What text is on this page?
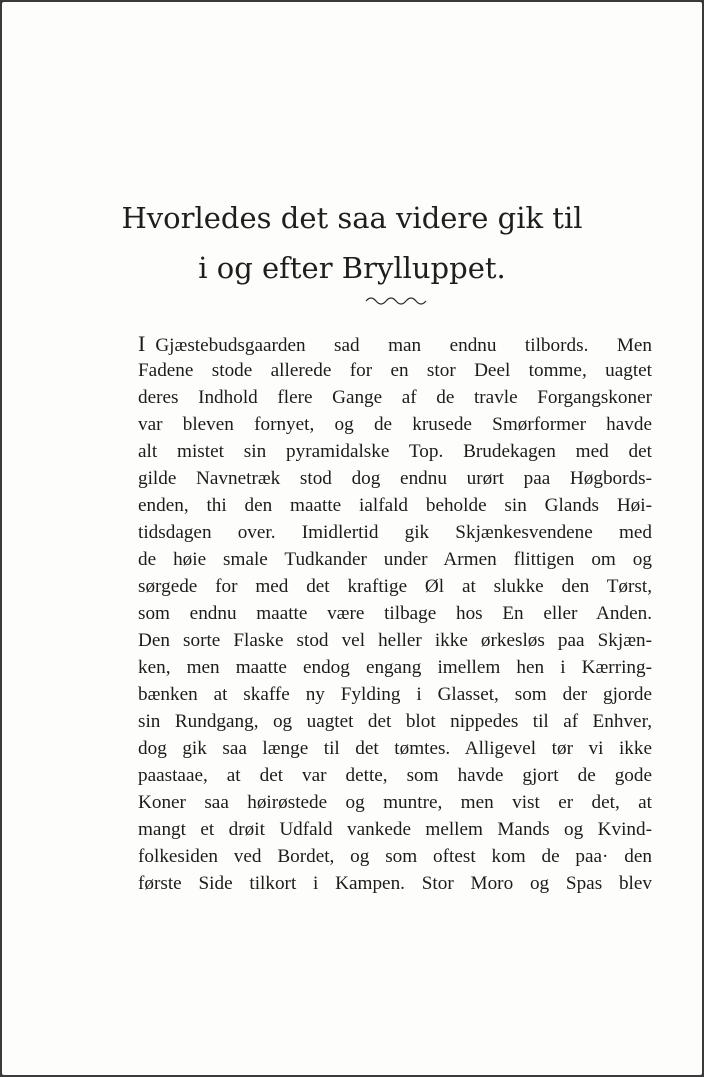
Hvorledes det saa videre gik til
i og efter Brylluppet.
I Gjæstebudsgaarden sad man endnu tilbords. Men
Fadene stode allerede for en stor Deel tomme, uagtet
deres Indhold flere Gange af de travle Forgangskoner
var bleven fornyet, og de krusede Smørformer havde
alt mistet sin pyramidalske Top. Brudekagen med det
gilde Navnetræk stod dog endnu urørt paa Høgbords-
enden, thi den maatte ialfald beholde sin Glands Høi-
tidsdagen over. Imidlertid gik Skjænkesvendene med
de høie smale Tudkander under Armen flittigen om og
sørgede for med det kraftige Øl at slukke den Tørst,
som endnu maatte være tilbage hos En eller Anden.
Den sorte Flaske stod vel heller ikke ørkesløs paa Skjæn-
ken, men maatte endog engang imellem hen i Kærring-
bænken at skaffe ny Fylding i Glasset, som der gjorde
sin Rundgang, og uagtet det blot nippedes til af Enhver,
dog gik saa længe til det tømtes. Alligevel tør vi ikke
paastaae, at det var dette, som havde gjort de gode
Koner saa høirøstede og muntre, men vist er det, at
mangt et drøit Udfald vankede mellem Mands og Kvind-
folkesiden ved Bordet, og som oftest kom de paa· den
første Side tilkort i Kampen. Stor Moro og Spas blev
